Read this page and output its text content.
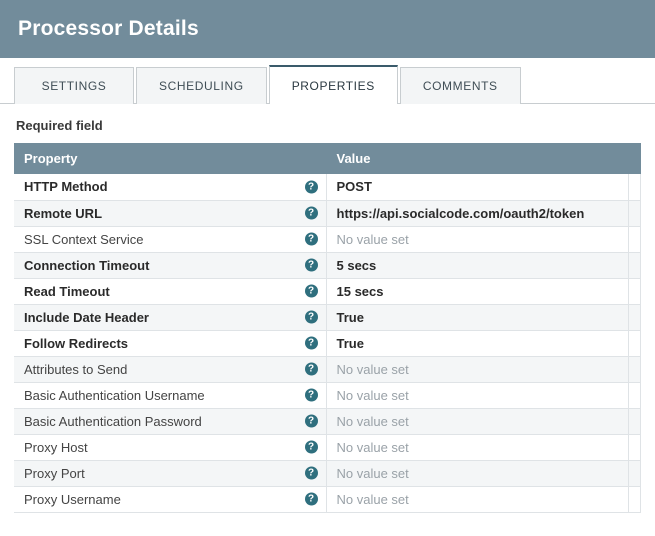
Processor Details
SETTINGS	SCHEDULING	PROPERTIES	COMMENTS
Required field
Property	Value	
HTTP Method ?	POST	
Remote URL ?	https://api.socialcode.com/oauth2/token	
SSL Context Service ?	No value set	
Connection Timeout ?	5 secs	
Read Timeout ?	15 secs	
Include Date Header ?	True	
Follow Redirects ?	True	
Attributes to Send ?	No value set	
Basic Authentication Username ?	No value set	
Basic Authentication Password ?	No value set	
Proxy Host ?	No value set	
Proxy Port ?	No value set	
Proxy Username ?	No value set	
